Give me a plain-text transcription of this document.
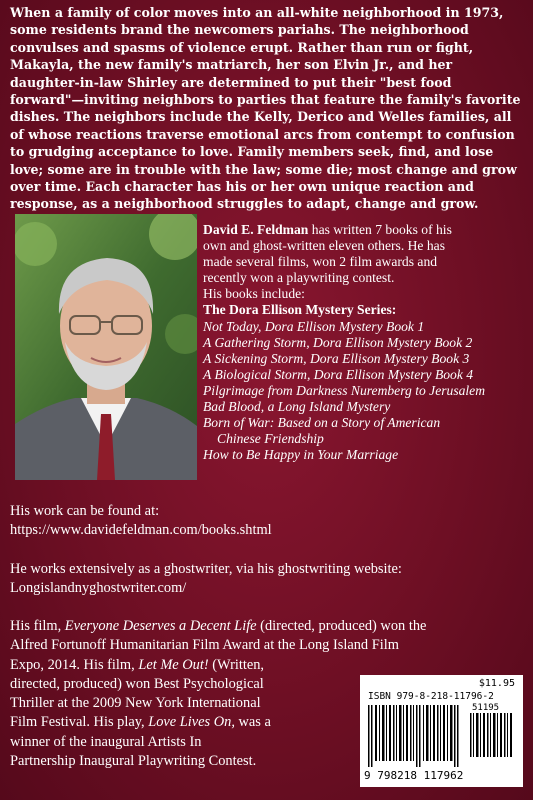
When a family of color moves into an all-white neighborhood in 1973, some residents brand the newcomers pariahs. The neighborhood convulses and spasms of violence erupt. Rather than run or fight, Makayla, the new family's matriarch, her son Elvin Jr., and her daughter-in-law Shirley are determined to put their "best food forward"—inviting neighbors to parties that feature the family's favorite dishes. The neighbors include the Kelly, Derico and Welles families, all of whose reactions traverse emotional arcs from contempt to confusion to grudging acceptance to love. Family members seek, find, and lose love; some are in trouble with the law; some die; most change and grow over time. Each character has his or her own unique reaction and response, as a neighborhood struggles to adapt, change and grow.

David E. Feldman has written 7 books of his
own and ghost-written eleven others. He has
made several films, won 2 film awards and
recently won a playwriting contest.
His books include:
The Dora Ellison Mystery Series:
Not Today, Dora Ellison Mystery Book 1
A Gathering Storm, Dora Ellison Mystery Book 2
A Sickening Storm, Dora Ellison Mystery Book 3
A Biological Storm, Dora Ellison Mystery Book 4
Pilgrimage from Darkness Nuremberg to Jerusalem
Bad Blood, a Long Island Mystery
Born of War: Based on a Story of American
Chinese Friendship
How to Be Happy in Your Marriage
His work can be found at:
https://www.davidefeldman.com/books.shtml
He works extensively as a ghostwriter, via his ghostwriting website:
Longislandnyghostwriter.com/
His film, Everyone Deserves a Decent Life (directed, produced) won the
Alfred Fortunoff Humanitarian Film Award at the Long Island Film
Expo, 2014. His film, Let Me Out! (Written,
directed, produced) won Best Psychological
Thriller at the 2009 New York International
Film Festival. His play, Love Lives On, was a
winner of the inaugural Artists In
Partnership Inaugural Playwriting Contest.
$11.95
ISBN 979-8-218-11796-2
51195
9 798218 117962
